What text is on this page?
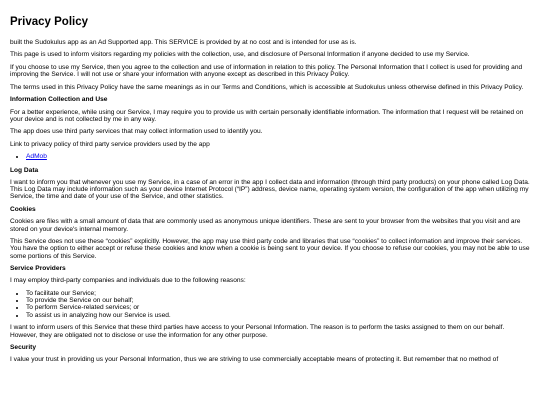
Privacy Policy

built the Sudokulus app as an Ad Supported app. This SERVICE is provided by at no cost and is intended for use as is.

This page is used to inform visitors regarding my policies with the collection, use, and disclosure of Personal Information if anyone decided to use my Service.

If you choose to use my Service, then you agree to the collection and use of information in relation to this policy. The Personal Information that I collect is used for providing and improving the Service. I will not use or share your information with anyone except as described in this Privacy Policy.

The terms used in this Privacy Policy have the same meanings as in our Terms and Conditions, which is accessible at Sudokulus unless otherwise defined in this Privacy Policy.

Information Collection and Use

For a better experience, while using our Service, I may require you to provide us with certain personally identifiable information. The information that I request will be retained on your device and is not collected by me in any way.

The app does use third party services that may collect information used to identify you.

Link to privacy policy of third party service providers used by the app

• AdMob
Log Data

I want to inform you that whenever you use my Service, in a case of an error in the app I collect data and information (through third party products) on your phone called Log Data. This Log Data may include information such as your device Internet Protocol (“IP”) address, device name, operating system version, the configuration of the app when utilizing my Service, the time and date of your use of the Service, and other statistics.

Cookies

Cookies are files with a small amount of data that are commonly used as anonymous unique identifiers. These are sent to your browser from the websites that you visit and are stored on your device's internal memory.

This Service does not use these “cookies” explicitly. However, the app may use third party code and libraries that use “cookies” to collect information and improve their services. You have the option to either accept or refuse these cookies and know when a cookie is being sent to your device. If you choose to refuse our cookies, you may not be able to use some portions of this Service.

Service Providers

I may employ third-party companies and individuals due to the following reasons:

• To facilitate our Service;
• To provide the Service on our behalf;
• To perform Service-related services; or
• To assist us in analyzing how our Service is used.

I want to inform users of this Service that these third parties have access to your Personal Information. The reason is to perform the tasks assigned to them on our behalf. However, they are obligated not to disclose or use the information for any other purpose.

Security

I value your trust in providing us your Personal Information, thus we are striving to use commercially acceptable means of protecting it. But remember that no method of
